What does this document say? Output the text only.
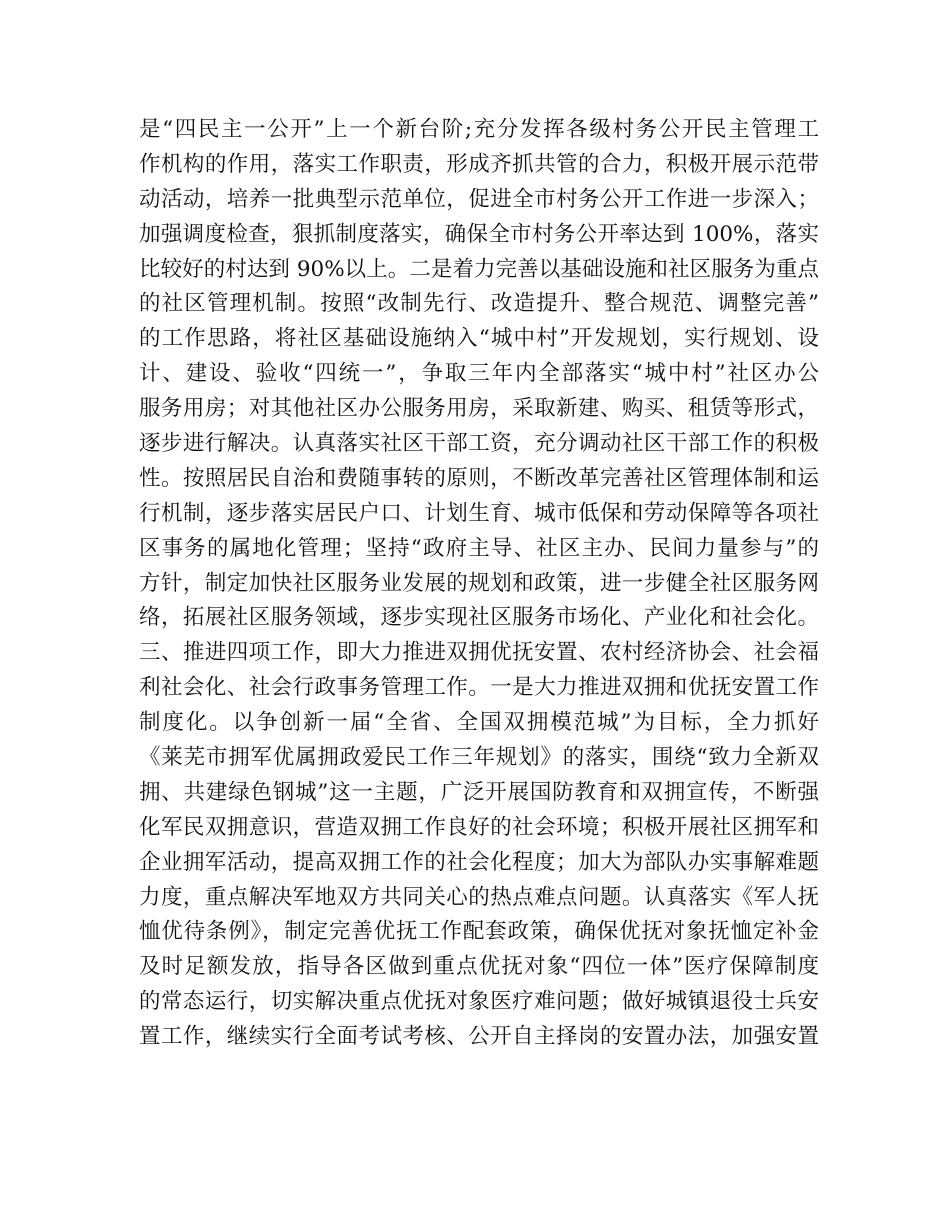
是“四民主一公开”上一个新台阶;充分发挥各级村务公开民主管理工
作机构的作用，落实工作职责，形成齐抓共管的合力，积极开展示范带
动活动，培养一批典型示范单位，促进全市村务公开工作进一步深入；
加强调度检查，狠抓制度落实，确保全市村务公开率达到 100%，落实
比较好的村达到 90%以上。二是着力完善以基础设施和社区服务为重点
的社区管理机制。按照“改制先行、改造提升、整合规范、调整完善”
的工作思路，将社区基础设施纳入“城中村”开发规划，实行规划、设
计、建设、验收“四统一”，争取三年内全部落实“城中村”社区办公
服务用房；对其他社区办公服务用房，采取新建、购买、租赁等形式，
逐步进行解决。认真落实社区干部工资，充分调动社区干部工作的积极
性。按照居民自治和费随事转的原则，不断改革完善社区管理体制和运
行机制，逐步落实居民户口、计划生育、城市低保和劳动保障等各项社
区事务的属地化管理；坚持“政府主导、社区主办、民间力量参与”的
方针，制定加快社区服务业发展的规划和政策，进一步健全社区服务网
络，拓展社区服务领域，逐步实现社区服务市场化、产业化和社会化。
三、推进四项工作，即大力推进双拥优抚安置、农村经济协会、社会福
利社会化、社会行政事务管理工作。一是大力推进双拥和优抚安置工作
制度化。以争创新一届“全省、全国双拥模范城”为目标，全力抓好
《莱芜市拥军优属拥政爱民工作三年规划》的落实，围绕“致力全新双
拥、共建绿色钢城”这一主题，广泛开展国防教育和双拥宣传，不断强
化军民双拥意识，营造双拥工作良好的社会环境；积极开展社区拥军和
企业拥军活动，提高双拥工作的社会化程度；加大为部队办实事解难题
力度，重点解决军地双方共同关心的热点难点问题。认真落实《军人抚
恤优待条例》，制定完善优抚工作配套政策，确保优抚对象抚恤定补金
及时足额发放，指导各区做到重点优抚对象“四位一体”医疗保障制度
的常态运行，切实解决重点优抚对象医疗难问题；做好城镇退役士兵安
置工作，继续实行全面考试考核、公开自主择岗的安置办法，加强安置
